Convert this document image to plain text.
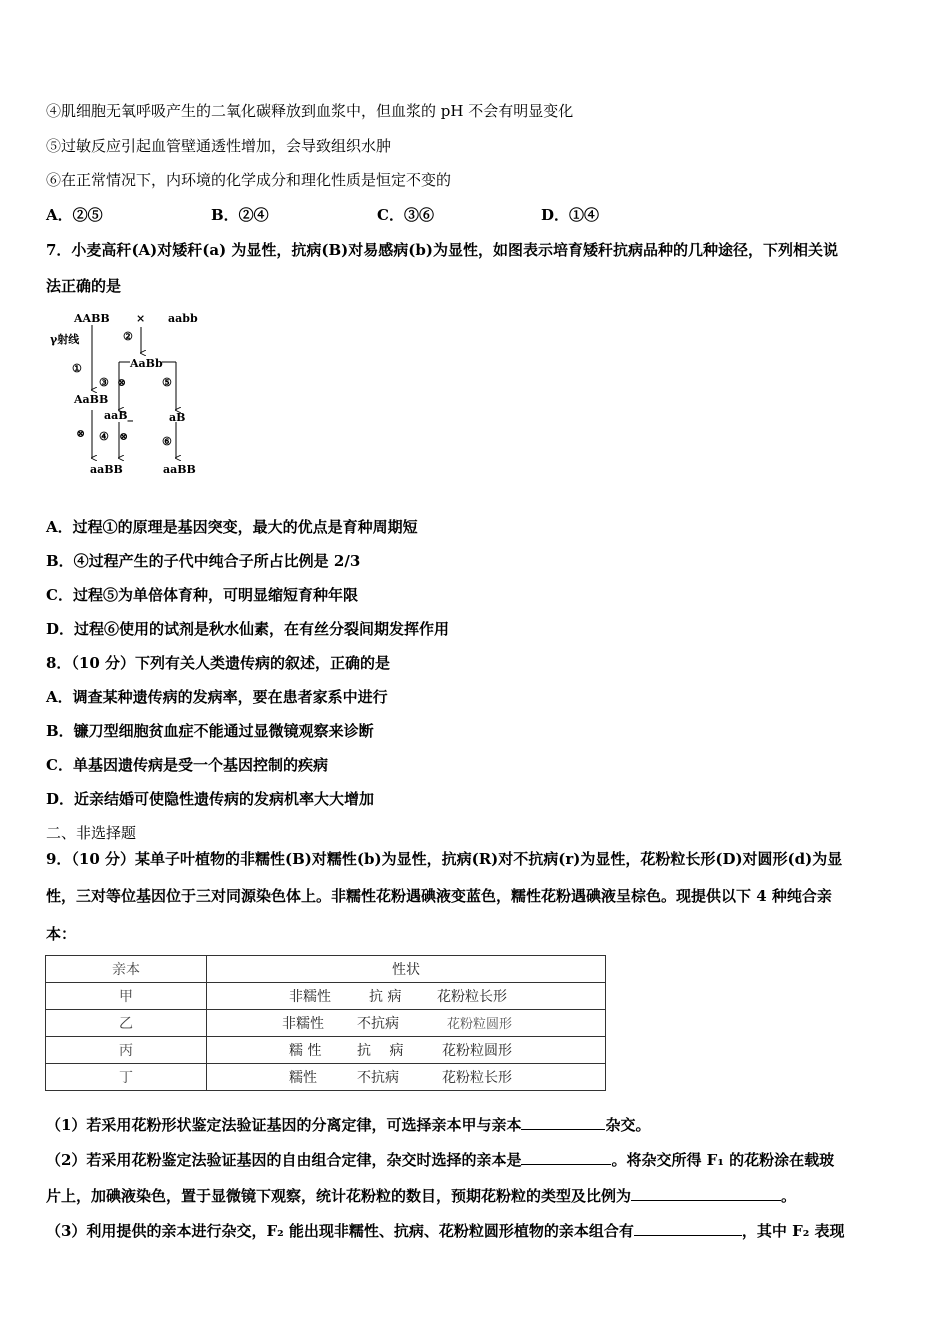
④肌细胞无氧呼吸产生的二氧化碳释放到血浆中，但血浆的 pH 不会有明显变化
⑤过敏反应引起血管壁通透性增加，会导致组织水肿
⑥在正常情况下，内环境的化学成分和理化性质是恒定不变的
A．②⑤	B．②④	C．③⑥	D．①④
7．小麦高秆(A)对矮秆(a) 为显性，抗病(B)对易感病(b)为显性，如图表示培育矮秆抗病品种的几种途径，下列相关说
法正确的是
AABB × aabb
γ射线	②
AaBb
①
③ ⊗	⑤
AaBB
aaB_	aB
⊗ ④ ⊗	⑥
aaBB	aaBB
A．过程①的原理是基因突变，最大的优点是育种周期短
B．④过程产生的子代中纯合子所占比例是 2/3
C．过程⑤为单倍体育种，可明显缩短育种年限
D．过程⑥使用的试剂是秋水仙素，在有丝分裂间期发挥作用
8．（10 分）下列有关人类遗传病的叙述，正确的是
A．调查某种遗传病的发病率，要在患者家系中进行
B．镰刀型细胞贫血症不能通过显微镜观察来诊断
C．单基因遗传病是受一个基因控制的疾病
D．近亲结婚可使隐性遗传病的发病机率大大增加
二、非选择题
9．（10 分）某单子叶植物的非糯性(B)对糯性(b)为显性，抗病(R)对不抗病(r)为显性，花粉粒长形(D)对圆形(d)为显
性，三对等位基因位于三对同源染色体上。非糯性花粉遇碘液变蓝色，糯性花粉遇碘液呈棕色。现提供以下 4 种纯合亲
本：
亲本	性状
甲	非糯性 抗 病 花粉粒长形
乙	非糯性 不抗病 花粉粒圆形
丙	糯 性 抗　 病 花粉粒圆形
丁	糯性 不抗病 花粉粒长形
（1）若采用花粉形状鉴定法验证基因的分离定律，可选择亲本甲与亲本	杂交。
（2）若采用花粉鉴定法验证基因的自由组合定律，杂交时选择的亲本是	。将杂交所得 F₁ 的花粉涂在载玻
片上，加碘液染色，置于显微镜下观察，统计花粉粒的数目，预期花粉粒的类型及比例为	。
（3）利用提供的亲本进行杂交，F₂ 能出现非糯性、抗病、花粉粒圆形植物的亲本组合有	，其中 F₂ 表现
